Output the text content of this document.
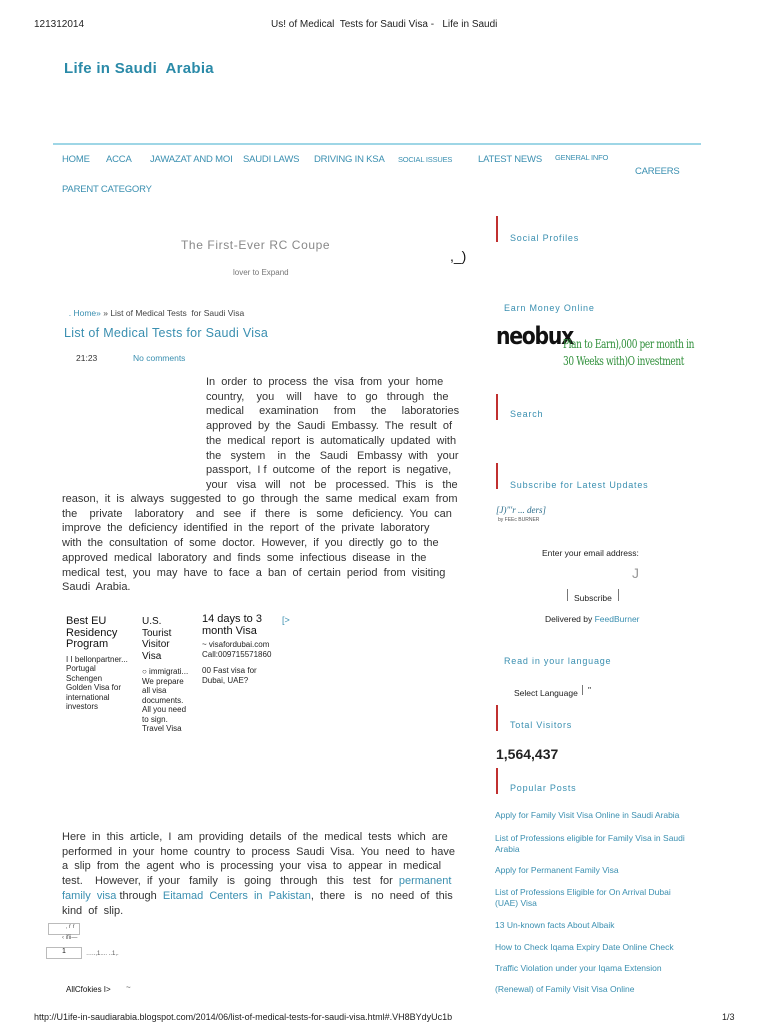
121312014	Us! of Medical  Tests for Saudi Visa -   Life in Saudi
Life in Saudi  Arabia
HOME ACCA JAWAZAT AND MOI SAUDI LAWS DRIVING IN KSA SOCIAL ISSUES	LATEST NEWS GENERAL INFO
CAREERS
PARENT CATEGORY
The First-Ever RC Coupe
lover to Expand
,_)

. Home» » List of Medical Tests  for Saudi Visa

List of Medical Tests for Saudi Visa
21:23	No comments
In  order  to  process  the  visa  from  your  home
country,    you    will    have   to   go   through   the
medical     examination     from     the     laboratories
approved  by  the  Saudi  Embassy.  The  result  of
the  medical  report  is  automatically  updated  with
the   system    in   the   Saudi   Embassy  with   your
passport,  I f  outcome  of  the  report  is  negative,
your   visa   will   not   be   processed.  This   is   the
reason,  it  is  always  suggested  to  go  through  the  same  medical  exam  from
the    private    laboratory    and   see   if   there   is   some   deficiency.  You  can
improve  the  deficiency  identified  in  the  report  of  the  private  laboratory
with  the  consultation  of  some  doctor.  However,  if  you  directly  go  to  the
approved  medical  laboratory  and  finds  some  infectious  disease  in  the
medical  test,  you  may  have  to  face  a  ban  of  certain  period  from  visiting
Saudi  Arabia.
Best EU
Residency
Program
I I bellonpartner...
Portugal
Schengen
Golden Visa for
international
investors
U.S.
Tourist
Visitor
Visa
○ immigrati...
We prepare
all visa
documents.
All you need
to sign.
Travel Visa
14 days to 3
month Visa
~ visafordubai.com
Call:009715571860
00 Fast visa for
Dubai, UAE?
[>
Here  in  this  article,  I  am  providing  details  of  the  medical  tests  which  are
performed  in  your  home  country  to  process  Saudi  Visa.  You  need  to  have
a  slip  from  the  agent  who  is  processing  your  visa  to  appear  in  medical
test.    However,  if  your   family   is   going   through   this   test   for  permanent
family  visa through  Eitamad  Centers  in  Pakistan,  there   is   no  need  of  this
kind  of  slip.
‚ r r
‹ ifii—
1	…..,1.... ..1,.
AllCfokies I> ~
Social Profiles
Earn Money Online
neobux
Plan to Earn),000 per month in
30 Weeks with)O investment
Search
Subscribe for Latest Updates
[J)"'r ... ders]
by FEEc BURNER
Enter your email address:
J
Subscribe
Delivered by FeedBurner
Read in your language
Select Language "
Total Visitors
1,564,437
Popular Posts
Apply for Family Visit Visa Online in Saudi Arabia
List of Professions eligible for Family Visa in Saudi Arabia
Apply for Permanent Family Visa
List of Professions Eligible for On Arrival Dubai (UAE) Visa
13 Un-known facts About Albaik
How to Check Iqama Expiry Date Online Check
Traffic Violation under your Iqama Extension
(Renewal) of Family Visit Visa Online
http://U1ife-in-saudiarabia.blogspot.com/2014/06/list-of-medical-tests-for-saudi-visa.html#.VH8BYdyUc1b	1/3
